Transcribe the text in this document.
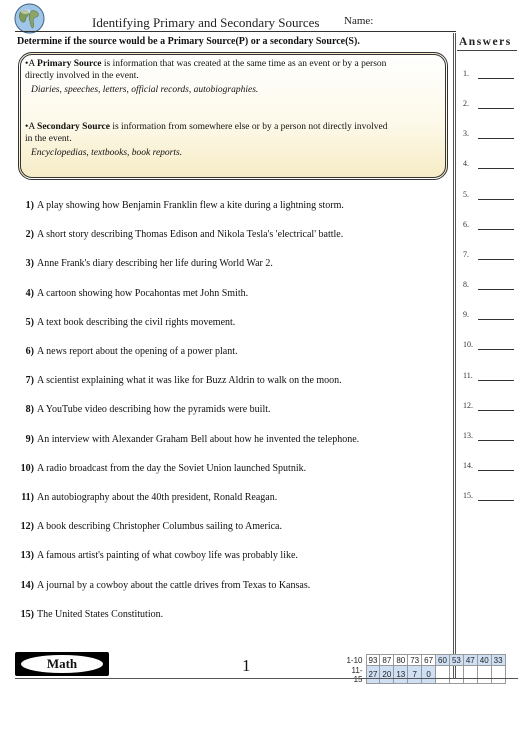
Identifying Primary and Secondary Sources Name:
Determine if the source would be a Primary Source(P) or a secondary Source(S).	Answers
1.
2.
3.
4.
5.
6.
7.
8.
9.
10.
11.
12.
13.
14.
15.
•A Primary Source is information that was created at the same time as an event or by a person
directly involved in the event.
Diaries, speeches, letters, official records, autobiographies.
•A Secondary Source is information from somewhere else or by a person not directly involved
in the event.
Encyclopedias, textbooks, book reports.
1) A play showing how Benjamin Franklin flew a kite during a lightning storm.
2) A short story describing Thomas Edison and Nikola Tesla's 'electrical' battle.
3) Anne Frank's diary describing her life during World War 2.
4) A cartoon showing how Pocahontas met John Smith.
5) A text book describing the civil rights movement.
6) A news report about the opening of a power plant.
7) A scientist explaining what it was like for Buzz Aldrin to walk on the moon.
8) A YouTube video describing how the pyramids were built.
9) An interview with Alexander Graham Bell about how he invented the telephone.
10) A radio broadcast from the day the Soviet Union launched Sputnik.
11) An autobiography about the 40th president, Ronald Reagan.
12) A book describing Christopher Columbus sailing to America.
13) A famous artist's painting of what cowboy life was probably like.
14) A journal by a cowboy about the cattle drives from Texas to Kansas.
15) The United States Constitution.
Math	1	1-10	93	87	80	73	67	60	53	47	40	33
11-15	27	20	13	7	0					
